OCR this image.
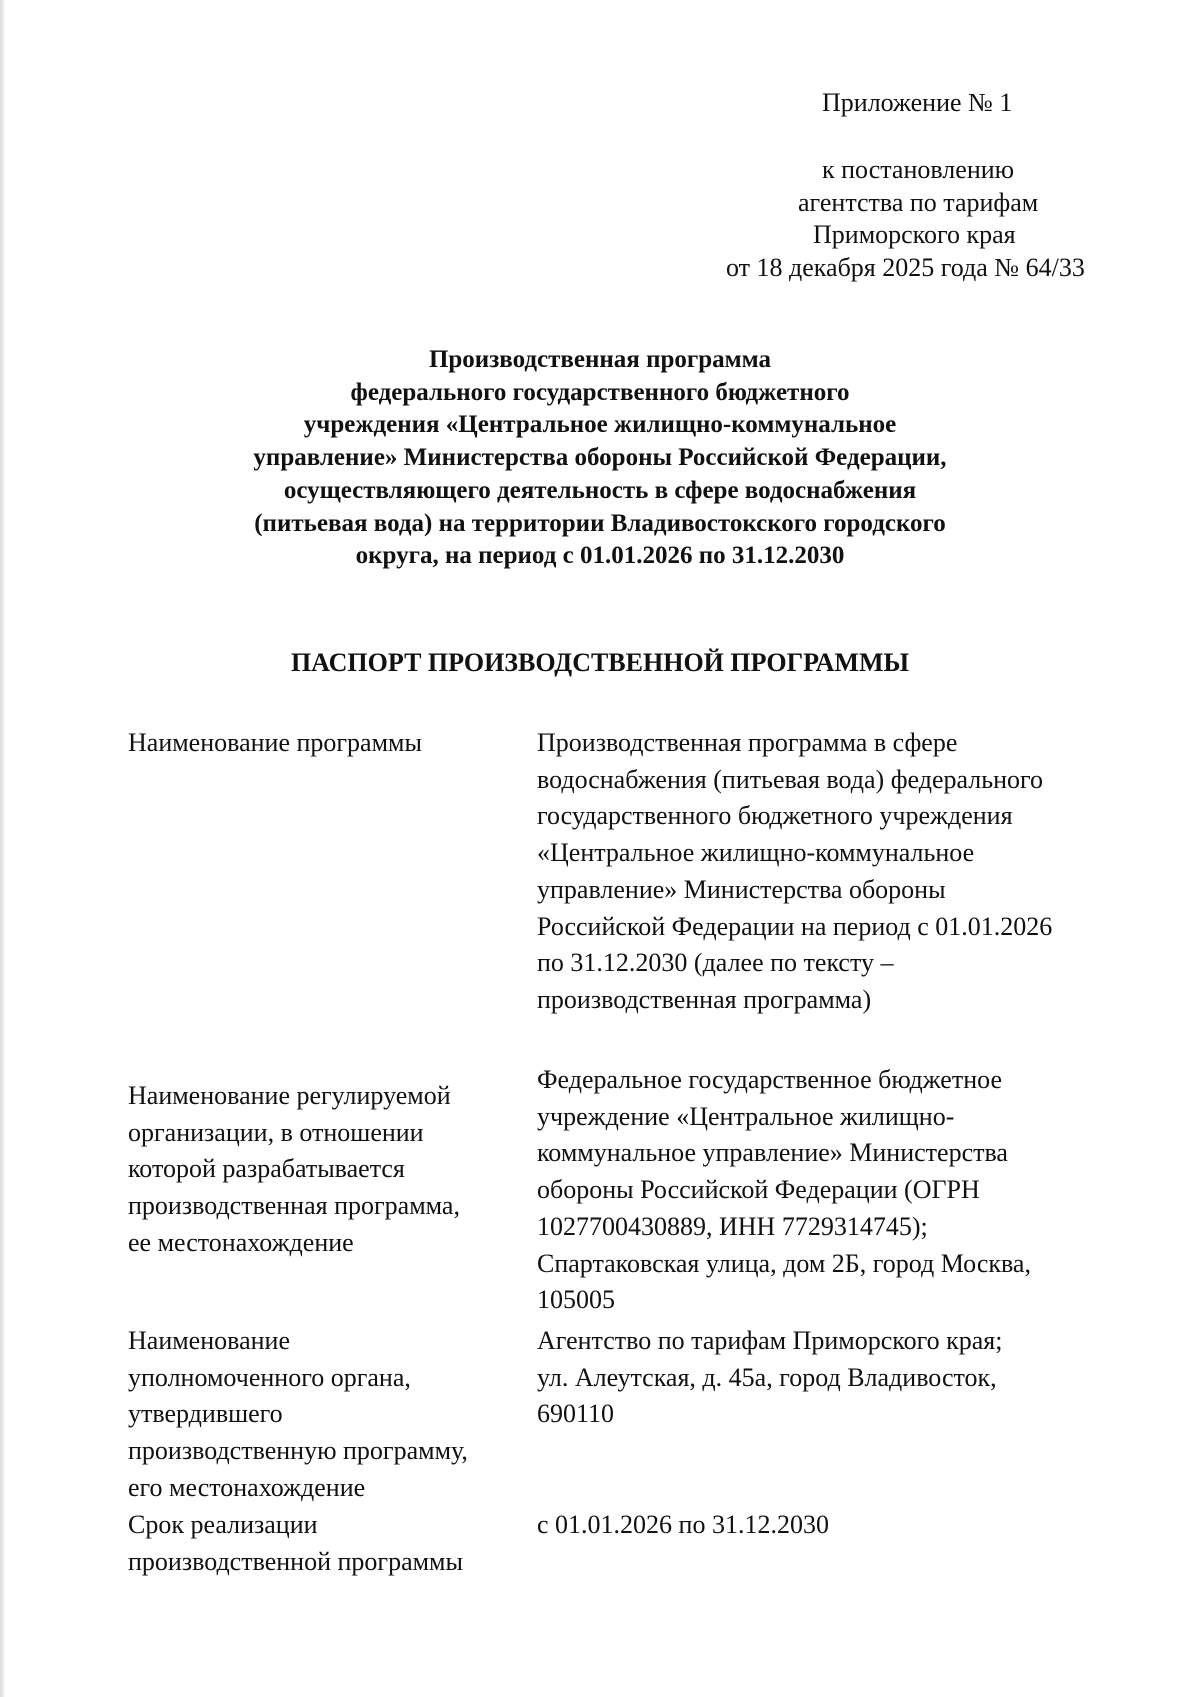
Приложение № 1
к постановлению
агентства по тарифам
Приморского края
от 18 декабря 2025 года № 64/33
Производственная программа
федерального государственного бюджетного
учреждения «Центральное жилищно-коммунальное
управление» Министерства обороны Российской Федерации,
осуществляющего деятельность в сфере водоснабжения
(питьевая вода) на территории Владивостокского городского
округа, на период с 01.01.2026 по 31.12.2030
ПАСПОРТ ПРОИЗВОДСТВЕННОЙ ПРОГРАММЫ
Наименование программы	Производственная программа в сфере
водоснабжения (питьевая вода) федерального
государственного бюджетного учреждения
«Центральное жилищно-коммунальное
управление» Министерства обороны
Российской Федерации на период с 01.01.2026
по 31.12.2030 (далее по тексту –
производственная программа)
Наименование регулируемой
организации, в отношении
которой разрабатывается
производственная программа,
ее местонахождение
Федеральное государственное бюджетное
учреждение «Центральное жилищно-
коммунальное управление» Министерства
обороны Российской Федерации (ОГРН
1027700430889, ИНН 7729314745);
Спартаковская улица, дом 2Б, город Москва,
105005
Наименование
уполномоченного органа,
утвердившего
производственную программу,
его местонахождение
Агентство по тарифам Приморского края;
ул. Алеутская, д. 45а, город Владивосток,
690110
Срок реализации
производственной программы
с 01.01.2026 по 31.12.2030
